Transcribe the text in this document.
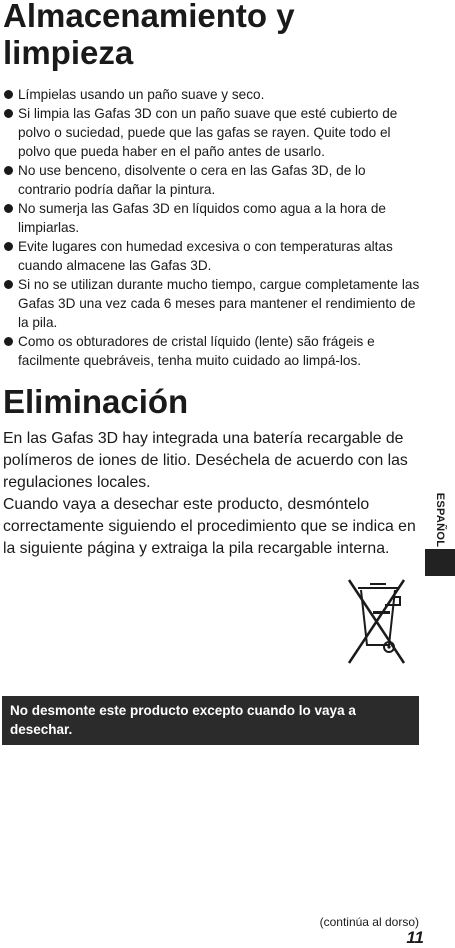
Almacenamiento y limpieza
Límpielas usando un paño suave y seco.
Si limpia las Gafas 3D con un paño suave que esté cubierto de polvo o suciedad, puede que las gafas se rayen. Quite todo el polvo que pueda haber en el paño antes de usarlo.
No use benceno, disolvente o cera en las Gafas 3D, de lo contrario podría dañar la pintura.
No sumerja las Gafas 3D en líquidos como agua a la hora de limpiarlas.
Evite lugares con humedad excesiva o con temperaturas altas cuando almacene las Gafas 3D.
Si no se utilizan durante mucho tiempo, cargue completamente las Gafas 3D una vez cada 6 meses para mantener el rendimiento de la pila.
Como os obturadores de cristal líquido (lente) são frágeis e facilmente quebráveis, tenha muito cuidado ao limpá-los.
Eliminación

En las Gafas 3D hay integrada una batería recargable de polímeros de iones de litio. Deséchela de acuerdo con las regulaciones locales.

Cuando vaya a desechar este producto, desmóntelo correctamente siguiendo el procedimiento que se indica en la siguiente página y extraiga la pila recargable interna.

ESPAÑOL
No desmonte este producto excepto cuando lo vaya a desechar.
(continúa al dorso)
11
